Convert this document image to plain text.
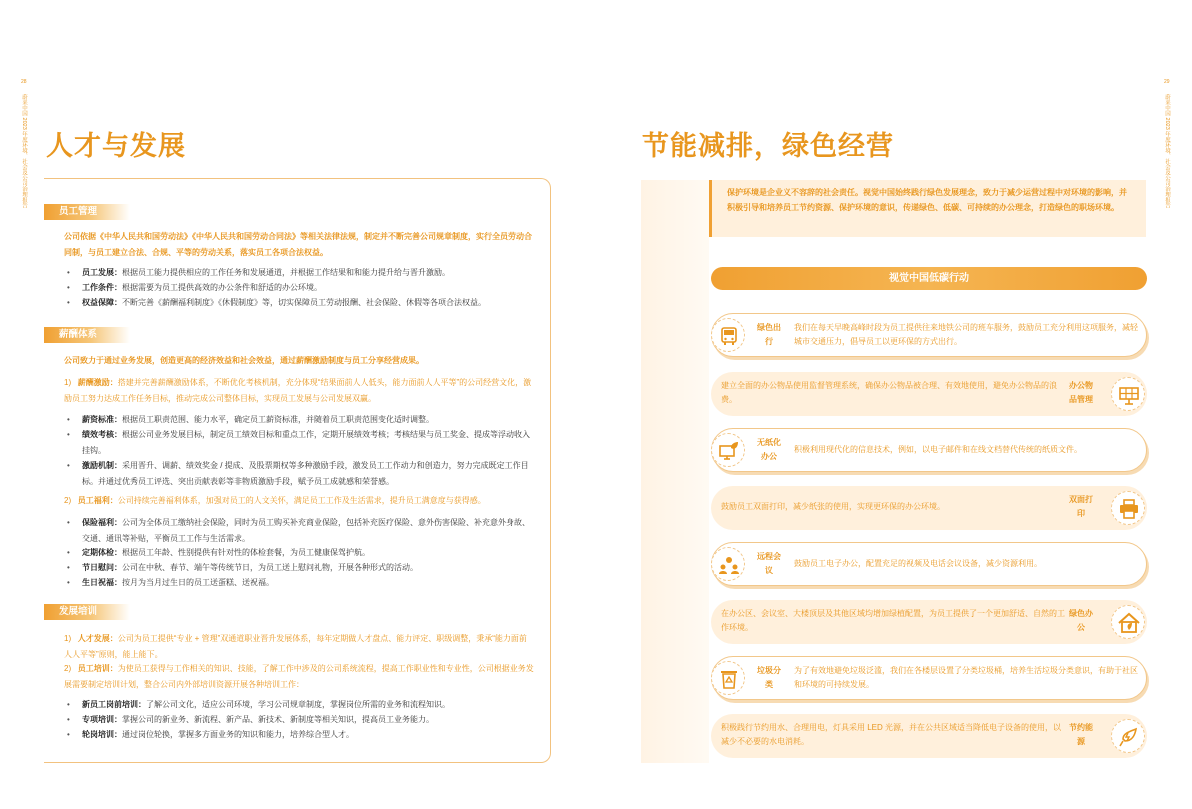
28
蔚来中国 2023 年度环境、社会及公司治理报告 人才与发展
员工管理
公司依据《中华人民共和国劳动法》《中华人民共和国劳动合同法》等相关法律法规，制定并不断完善公司规章制度，实行全员劳动合同制，与员工建立合法、合规、平等的劳动关系，落实员工各项合法权益。
• 员工发展：根据员工能力提供相应的工作任务和发展通道，并根据工作结果和和能力提升给与晋升激励。
• 工作条件：根据需要为员工提供高效的办公条件和舒适的办公环境。
• 权益保障：不断完善《薪酬福利制度》《休假制度》等，切实保障员工劳动报酬、社会保险、休假等各项合法权益。
薪酬体系
公司致力于通过业务发展，创造更高的经济效益和社会效益，通过薪酬激励制度与员工分享经营成果。
1) 薪酬激励：搭建并完善薪酬激励体系，不断优化考核机制，充分体现“结果面前人人低头，能力面前人人平等”的公司经营文化，激励员工努力达成工作任务目标，推动完成公司整体目标，实现员工发展与公司发展双赢。
• 薪资标准：根据员工职责范围、能力水平，确定员工薪资标准，并随着员工职责范围变化适时调整。
• 绩效考核：根据公司业务发展目标，制定员工绩效目标和重点工作，定期开展绩效考核；考核结果与员工奖金、提成等浮动收入挂钩。
• 激励机制：采用晋升、调薪、绩效奖金 / 提成、及股票期权等多种激励手段，激发员工工作动力和创造力，努力完成既定工作目标。并通过优秀员工评选、突出贡献表彰等非物质激励手段，赋予员工成就感和荣誉感。
2) 员工福利：公司持续完善福利体系，加强对员工的人文关怀，满足员工工作及生活需求，提升员工满意度与获得感。
• 保险福利：公司为全体员工缴纳社会保险，同时为员工购买补充商业保险，包括补充医疗保险、意外伤害保险、补充意外身故、交通、通讯等补贴，平衡员工工作与生活需求。
• 定期体检：根据员工年龄、性别提供有针对性的体检套餐，为员工健康保驾护航。
• 节日慰问：公司在中秋、春节、端午等传统节日，为员工送上慰问礼物，开展各种形式的活动。
• 生日祝福：按月为当月过生日的员工送蛋糕、送祝福。
发展培训
1) 人才发展：公司为员工提供“专业 + 管理”双通道职业晋升发展体系，每年定期做人才盘点、能力评定、职级调整，秉承“能力面前人人平等”原则，能上能下。
2) 员工培训：为使员工获得与工作相关的知识、技能，了解工作中涉及的公司系统流程，提高工作职业性和专业性，公司根据业务发展需要制定培训计划，整合公司内外部培训资源开展各种培训工作：
• 新员工岗前培训：了解公司文化，适应公司环境，学习公司规章制度，掌握岗位所需的业务和流程知识。
• 专项培训：掌握公司的新业务、新流程、新产品、新技术、新制度等相关知识，提高员工业务能力。
• 轮岗培训：通过岗位轮换，掌握多方面业务的知识和能力，培养综合型人才。
29
蔚来中国 2023 年度环境、社会及公司治理报告
节能减排，绿色经营
保护环境是企业义不容辞的社会责任。视觉中国始终践行绿色发展理念，致力于减少运营过程中对环境的影响，并积极引导和培养员工节约资源、保护环境的意识，传递绿色、低碳、可持续的办公理念，打造绿色的职场环境。
视觉中国低碳行动
绿色出行
我们在每天早晚高峰时段为员工提供往来地铁公司的班车服务，鼓励员工充分利用这项服务，减轻城市交通压力，倡导员工以更环保的方式出行。
建立全面的办公物品使用监督管理系统，确保办公物品被合理、有效地使用，避免办公物品的浪费。
办公物品管理
无纸化办公
积极利用现代化的信息技术，例如，以电子邮件和在线文档替代传统的纸质文件。
鼓励员工双面打印，减少纸张的使用，实现更环保的办公环境。
双面打印
远程会议
鼓励员工电子办公，配置充足的视频及电话会议设备，减少资源利用。
在办公区、会议室、大楼顶层及其他区域均增加绿植配置，为员工提供了一个更加舒适、自然的工作环境。
绿色办公
垃圾分类
为了有效地避免垃圾泛滥，我们在各楼层设置了分类垃圾桶，培养生活垃圾分类意识，有助于社区和环境的可持续发展。
积极践行节约用水、合理用电，灯具采用 LED 光源，并在公共区域适当降低电子设备的使用，以减少不必要的水电消耗。
节约能源
